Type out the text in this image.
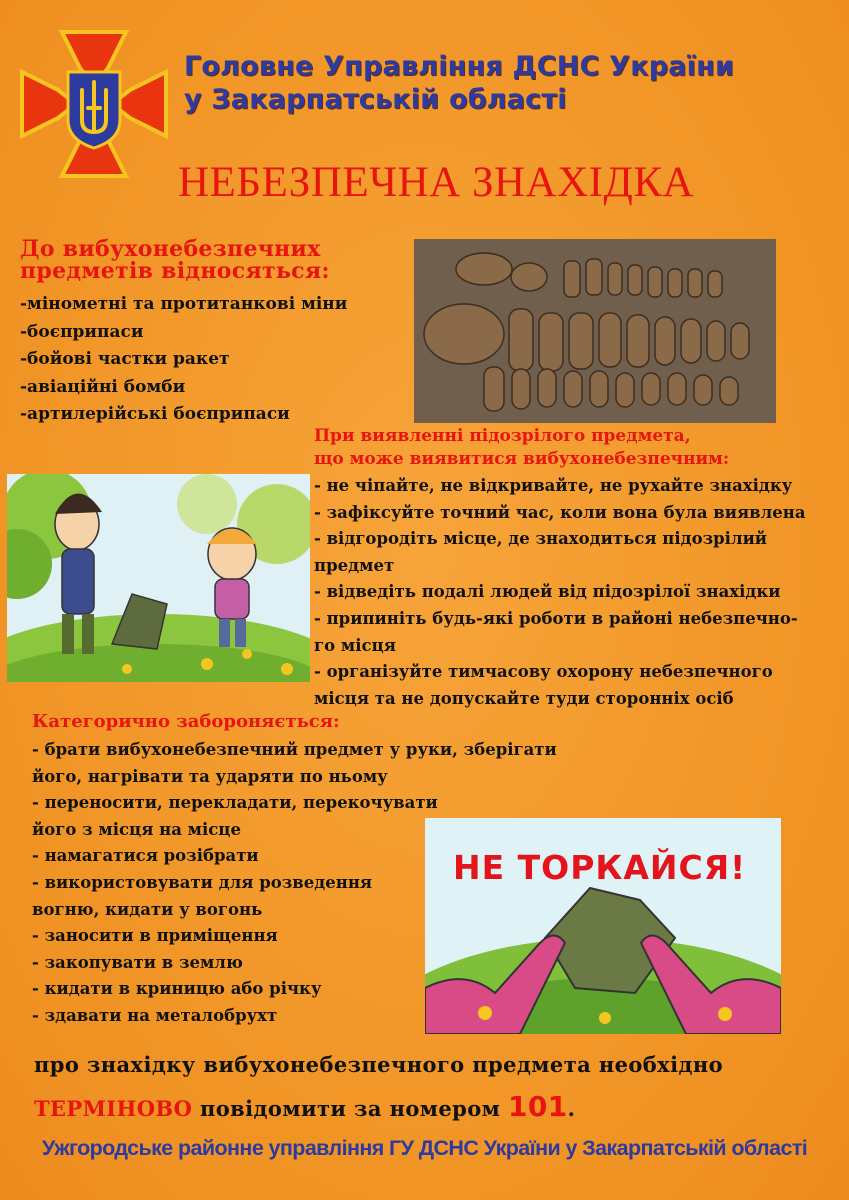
Головне Управління ДСНС України
у Закарпатській області
НЕБЕЗПЕЧНА ЗНАХІДКА
До вибухонебезпечних
предметів відносяться:
-мінометні та протитанкові міни
-боєприпаси
-бойові частки ракет
-авіаційні бомби
-артилерійські боєприпаси
При виявленні підозрілого предмета,
що може виявитися вибухонебезпечним:
- не чіпайте, не відкривайте, не рухайте знахідку
- зафіксуйте точний час, коли вона була виявлена
- відгородіть місце, де знаходиться підозрілий
предмет
- відведіть подалі людей від підозрілої знахідки
- припиніть будь-які роботи в районі небезпечно-
го місця
- організуйте тимчасову охорону небезпечного
місця та не допускайте туди сторонніх осіб
Категорично забороняється:
- брати вибухонебезпечний предмет у руки, зберігати
його, нагрівати та ударяти по ньому
- переносити, перекладати, перекочувати
його з місця на місце
- намагатися розібрати
- використовувати для розведення
вогню, кидати у вогонь
- заносити в приміщення
- закопувати в землю
- кидати в криницю або річку
- здавати на металобрухт
НЕ ТОРКАЙСЯ!
про знахідку вибухонебезпечного предмета необхідно
ТЕРМІНОВО повідомити за номером 101.
Ужгородське районне управління ГУ ДСНС України у Закарпатській області
